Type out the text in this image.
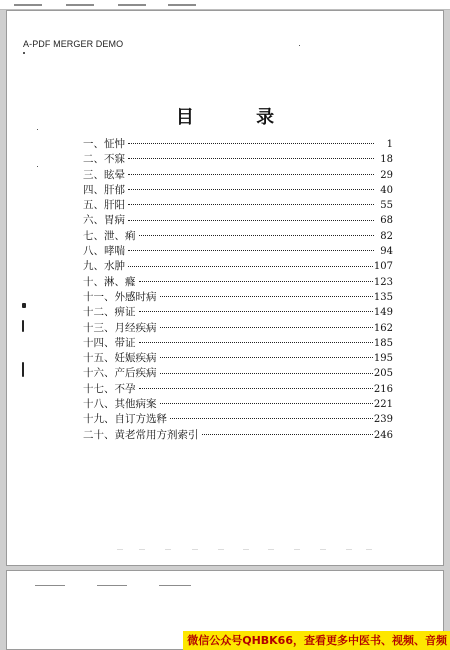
A-PDF MERGER DEMO
目 录
一、怔忡	1
二、不寐	18
三、眩晕	29
四、肝郁	40
五、肝阳	55
六、胃病	68
七、泄、痢	82
八、哮喘	94
九、水肿	107
十、淋、癃	123
十一、外感时病	135
十二、痹证	149
十三、月经疾病	162
十四、带证	185
十五、妊娠疾病	195
十六、产后疾病	205
十七、不孕	216
十八、其他病案	221
十九、自订方选释	239
二十、黄老常用方剂索引	246
微信公众号QHBK66，查看更多中医书、视频、音频
